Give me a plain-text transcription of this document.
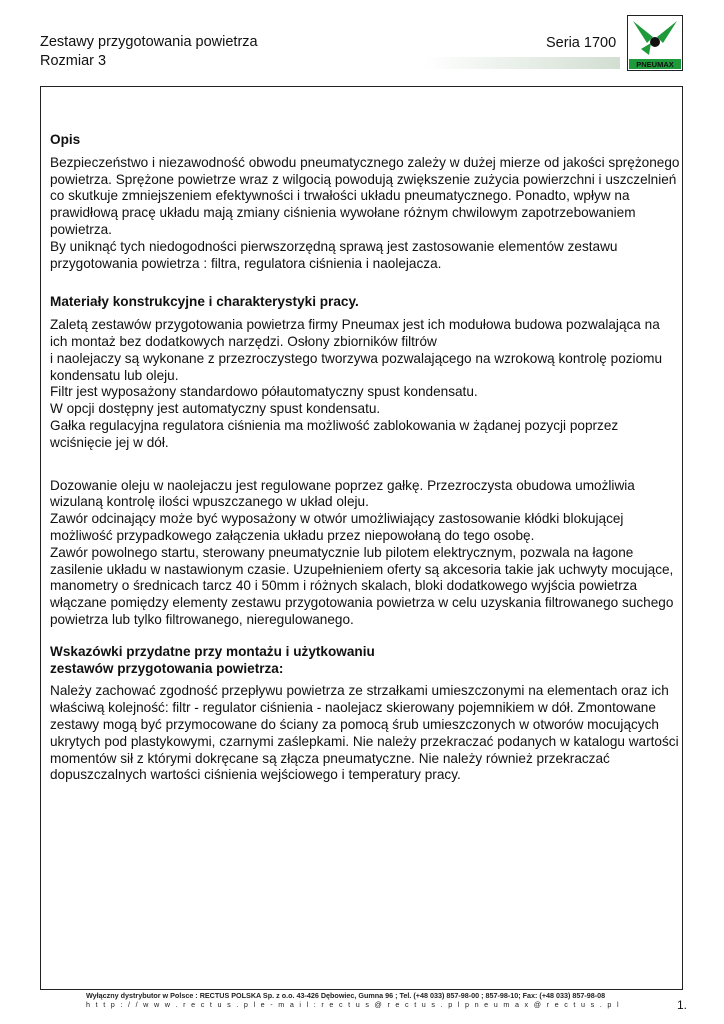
Zestawy przygotowania powietrza
Rozmiar 3
Seria 1700
PNEUMAX
Opis

Bezpieczeństwo i niezawodność obwodu pneumatycznego zależy w dużej mierze od jakości sprężonego powietrza. Sprężone powietrze wraz z wilgocią powodują zwiększenie zużycia powierzchni i uszczelnień co skutkuje zmniejszeniem efektywności i trwałości układu pneumatycznego. Ponadto, wpływ na prawidłową pracę układu mają zmiany ciśnienia wywołane różnym chwilowym zapotrzebowaniem powietrza.

By uniknąć tych niedogodności pierwszorzędną sprawą jest zastosowanie elementów zestawu przygotowania powietrza : filtra, regulatora ciśnienia i naolejacza.

Materiały konstrukcyjne i charakterystyki pracy.

Zaletą zestawów przygotowania powietrza firmy Pneumax jest ich modułowa budowa pozwalająca na ich montaż bez dodatkowych narzędzi. Osłony zbiorników filtrów

i naolejaczy są wykonane z przezroczystego tworzywa pozwalającego na wzrokową kontrolę poziomu kondensatu lub oleju.

Filtr jest wyposażony standardowo półautomatyczny spust kondensatu.

W opcji dostępny jest automatyczny spust kondensatu.

Gałka regulacyjna regulatora ciśnienia ma możliwość zablokowania w żądanej pozycji poprzez wciśnięcie jej w dół.

Dozowanie oleju w naolejaczu jest regulowane poprzez gałkę. Przezroczysta obudowa umożliwia wizulaną kontrolę ilości wpuszczanego w układ oleju.

Zawór odcinający może być wyposażony w otwór umożliwiający zastosowanie kłódki blokującej możliwość przypadkowego załączenia układu przez niepowołaną do tego osobę.

Zawór powolnego startu, sterowany pneumatycznie lub pilotem elektrycznym, pozwala na łagone zasilenie układu w nastawionym czasie. Uzupełnieniem oferty są akcesoria takie jak uchwyty mocujące, manometry o średnicach tarcz 40 i 50mm i różnych skalach, bloki dodatkowego wyjścia powietrza włączane pomiędzy elementy zestawu przygotowania powietrza w celu uzyskania filtrowanego suchego powietrza lub tylko filtrowanego, nieregulowanego.

Wskazówki przydatne przy montażu i użytkowaniu
zestawów przygotowania powietrza:

Należy zachować zgodność przepływu powietrza ze strzałkami umieszczonymi na elementach oraz ich właściwą kolejność: filtr - regulator ciśnienia - naolejacz skierowany pojemnikiem w dół. Zmontowane zestawy mogą być przymocowane do ściany za pomocą śrub umieszczonych w otworów mocujących ukrytych pod plastykowymi, czarnymi zaślepkami. Nie należy przekraczać podanych w katalogu wartości momentów sił z którymi dokręcane są złącza pneumatyczne. Nie należy również przekraczać dopuszczalnych wartości ciśnienia wejściowego i temperatury pracy.

Wyłączny dystrybutor w Polsce : RECTUS POLSKA Sp. z o.o. 43-426 Dębowiec, Gumna 96 ; Tel. (+48 033) 857-98-00 ; 857-98-10; Fax: (+48 033) 857-98-08
h t t p : / / w w w . r e c t u s . p l e - m a i l : r e c t u s @ r e c t u s . p l p n e u m a x @ r e c t u s . p l	1.
